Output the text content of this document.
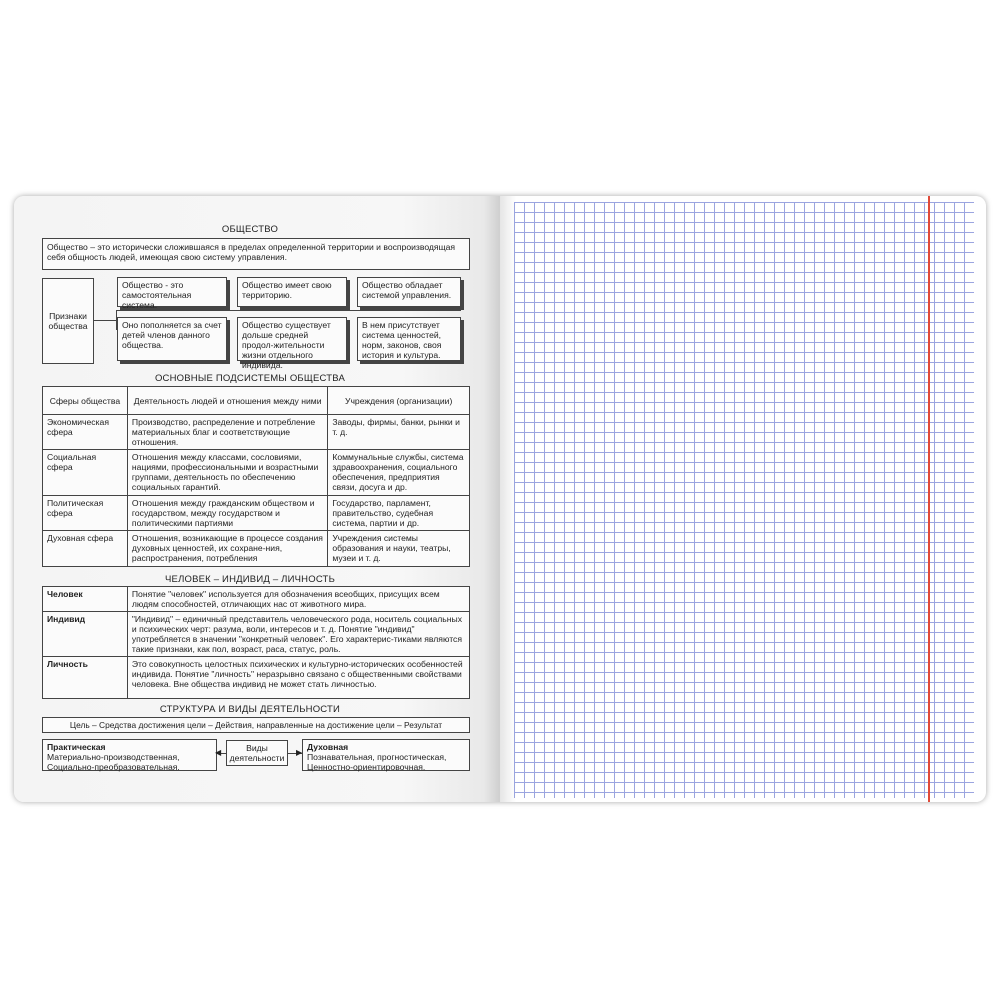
ОБЩЕСТВО
Общество – это исторически сложившаяся в пределах определенной территории и воспроизводящая себя общность людей, имеющая свою систему управления.
Признаки общества
Общество - это самостоятельная система.
Общество имеет свою территорию.
Общество обладает системой управления.
Оно пополняется за счет детей членов данного общества.
Общество существует дольше средней продол-жительности жизни отдельного индивида.
В нем присутствует система ценностей, норм, законов, своя история и культура.
ОСНОВНЫЕ ПОДСИСТЕМЫ ОБЩЕСТВА
Сферы общества	Деятельность людей и отношения между ними	Учреждения (организации)
Экономическая сфера	Производство, распределение и потребление материальных благ и соответствующие отношения.	Заводы, фирмы, банки, рынки и т. д.
Социальная сфера	Отношения между классами, сословиями, нациями, профессиональными и возрастными группами, деятельность по обеспечению социальных гарантий.	Коммунальные службы, система здравоохранения, социального обеспечения, предприятия связи, досуга и др.
Политическая сфера	Отношения между гражданским обществом и государством, между государством и политическими партиями	Государство, парламент, правительство, судебная система, партии и др.
Духовная сфера	Отношения, возникающие в процессе создания духовных ценностей, их сохране-ния, распространения, потребления	Учреждения системы образования и науки, театры, музеи и т. д.
ЧЕЛОВЕК – ИНДИВИД – ЛИЧНОСТЬ
Человек	Понятие "человек" используется для обозначения всеобщих, присущих всем людям способностей, отличающих нас от животного мира.
Индивид	"Индивид" – единичный представитель человеческого рода, носитель социальных и психических черт: разума, воли, интересов и т. д. Понятие "индивид" употребляется в значении "конкретный человек". Его характерис-тиками являются такие признаки, как пол, возраст, раса, статус, роль.
Личность	Это совокупность целостных психических и культурно-исторических особенностей индивида. Понятие "личность" неразрывно связано с общественными свойствами человека. Вне общества индивид не может стать личностью.
СТРУКТУРА И ВИДЫ ДЕЯТЕЛЬНОСТИ
Цель – Средства достижения цели – Действия, направленные на достижение цели – Результат
Практическая
Материально-производственная, Социально-преобразовательная.
Виды деятельности
◀	▶
Духовная
Познавательная, прогностическая, Ценностно-ориентировочная.
